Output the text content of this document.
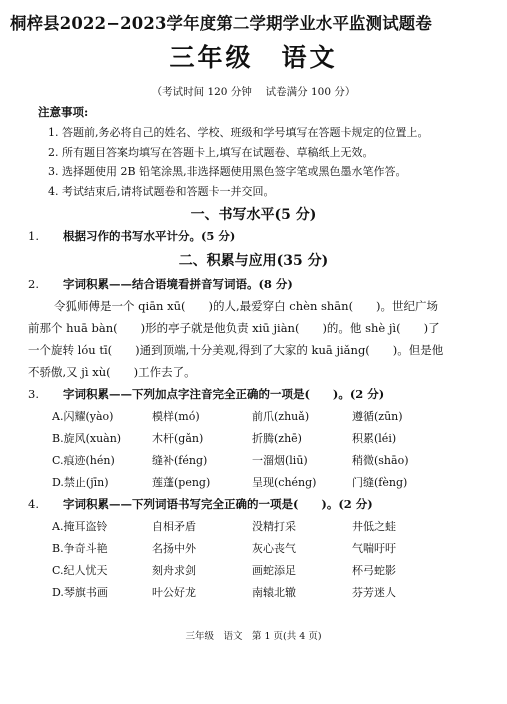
桐梓县2022−2023学年度第二学期学业水平监测试题卷
三年级　语文
（考试时间 120 分钟　 试卷满分 100 分）
注意事项:
1. 答题前,务必将自己的姓名、学校、班级和学号填写在答题卡规定的位置上。
2. 所有题目答案均填写在答题卡上,填写在试题卷、草稿纸上无效。
3. 选择题使用 2B 铅笔涂黑,非选择题使用黑色签字笔或黑色墨水笔作答。
4. 考试结束后,请将试题卷和答题卡一并交回。
一、书写水平(5 分)
1. 根据习作的书写水平计分。(5 分)
二、积累与应用(35 分)
2. 字词积累——结合语境看拼音写词语。(8 分)
令狐师傅是一个 qiān xū(　　)的人,最爱穿白 chèn shān(　　)。世纪广场
前那个 huā bàn(　　)形的亭子就是他负责 xiū jiàn(　　)的。他 shè jì(　　)了
一个旋转 lóu tī(　　)通到顶端,十分美观,得到了大家的 kuā jiǎng(　　)。但是他
不骄傲,又 jì xù(　　)工作去了。
3. 字词积累——下列加点字注音完全正确的一项是(　　)。(2 分)
A.闪耀(yào)	模样(mó)	前爪(zhuǎ)	遵循(zūn)
B.旋风(xuàn)	木杆(gǎn)	折腾(zhē)	积累(léi)
C.痕迹(hén)	缝补(féng)	一溜烟(liū)	稍微(shāo)
D.禁止(jīn)	莲蓬(peng)	呈现(chéng)	门缝(fèng)
4. 字词积累——下列词语书写完全正确的一项是(　　)。(2 分)
A.掩耳盗铃	自相矛盾	没精打采	井低之蛙
B.争奇斗艳	名扬中外	灰心丧气	气喘吁吁
C.纪人忧天	刻舟求剑	画蛇添足	杯弓蛇影
D.琴旗书画	叶公好龙	南辕北辙	芬芳迷人
三年级　语文　第 1 页(共 4 页)
